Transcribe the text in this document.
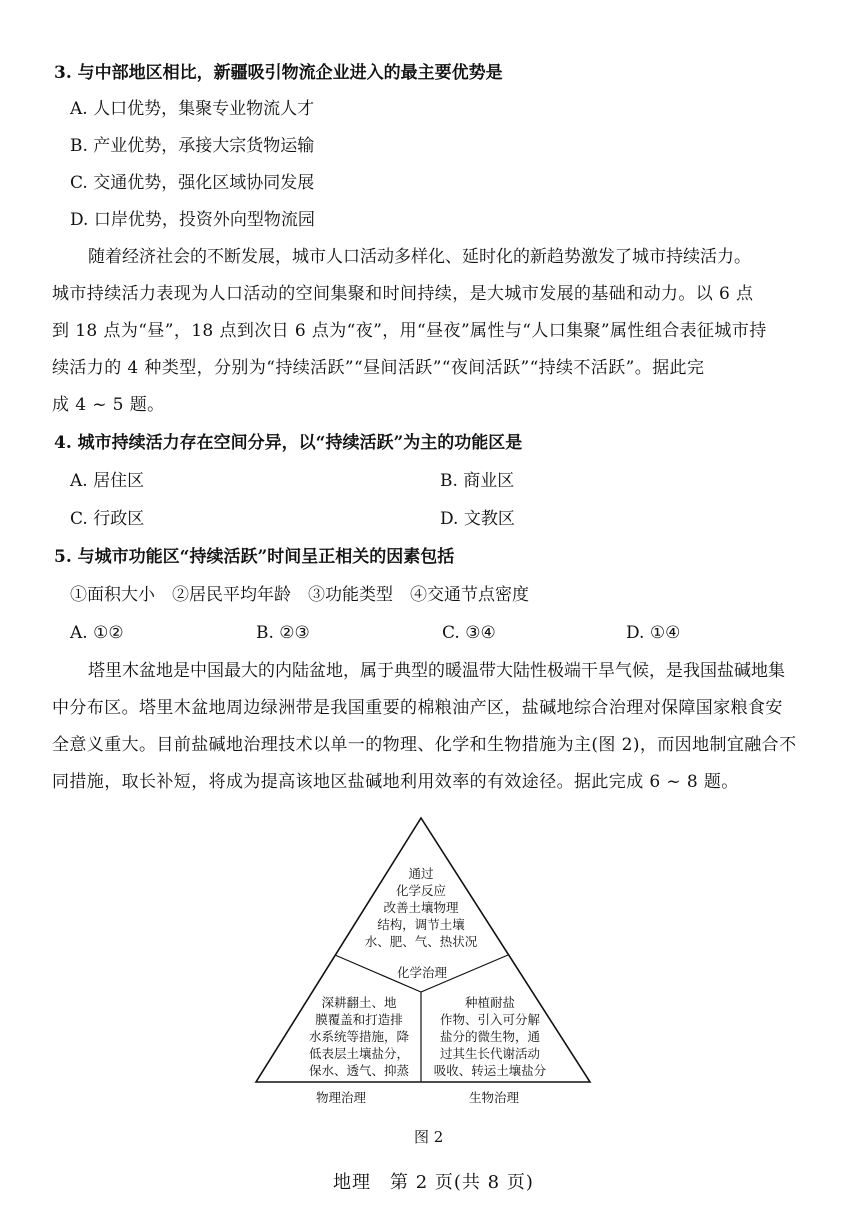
3. 与中部地区相比，新疆吸引物流企业进入的最主要优势是
A. 人口优势，集聚专业物流人才
B. 产业优势，承接大宗货物运输
C. 交通优势，强化区域协同发展
D. 口岸优势，投资外向型物流园
随着经济社会的不断发展，城市人口活动多样化、延时化的新趋势激发了城市持续活力。
城市持续活力表现为人口活动的空间集聚和时间持续，是大城市发展的基础和动力。以 6 点
到 18 点为“昼”，18 点到次日 6 点为“夜”，用“昼夜”属性与“人口集聚”属性组合表征城市持
续活力的 4 种类型，分别为“持续活跃”“昼间活跃”“夜间活跃”“持续不活跃”。据此完
成 4 ~ 5 题。
4. 城市持续活力存在空间分异，以“持续活跃”为主的功能区是
A. 居住区	B. 商业区
C. 行政区	D. 文教区
5. 与城市功能区“持续活跃”时间呈正相关的因素包括
①面积大小　②居民平均年龄　③功能类型　④交通节点密度
A. ①②	B. ②③	C. ③④	D. ①④
塔里木盆地是中国最大的内陆盆地，属于典型的暖温带大陆性极端干旱气候，是我国盐碱地集
中分布区。塔里木盆地周边绿洲带是我国重要的棉粮油产区，盐碱地综合治理对保障国家粮食安
全意义重大。目前盐碱地治理技术以单一的物理、化学和生物措施为主(图 2)，而因地制宜融合不
同措施，取长补短，将成为提高该地区盐碱地利用效率的有效途径。据此完成 6 ~ 8 题。
通过
化学反应
改善土壤物理
结构，调节土壤
水、肥、气、热状况
化学治理
深耕翻土、地
膜覆盖和打造排
水系统等措施，降
低表层土壤盐分，
保水、透气、抑蒸
种植耐盐
作物、引入可分解
盐分的微生物，通
过其生长代谢活动
吸收、转运土壤盐分
物理治理	生物治理
图 2
地理　第 2 页(共 8 页)
